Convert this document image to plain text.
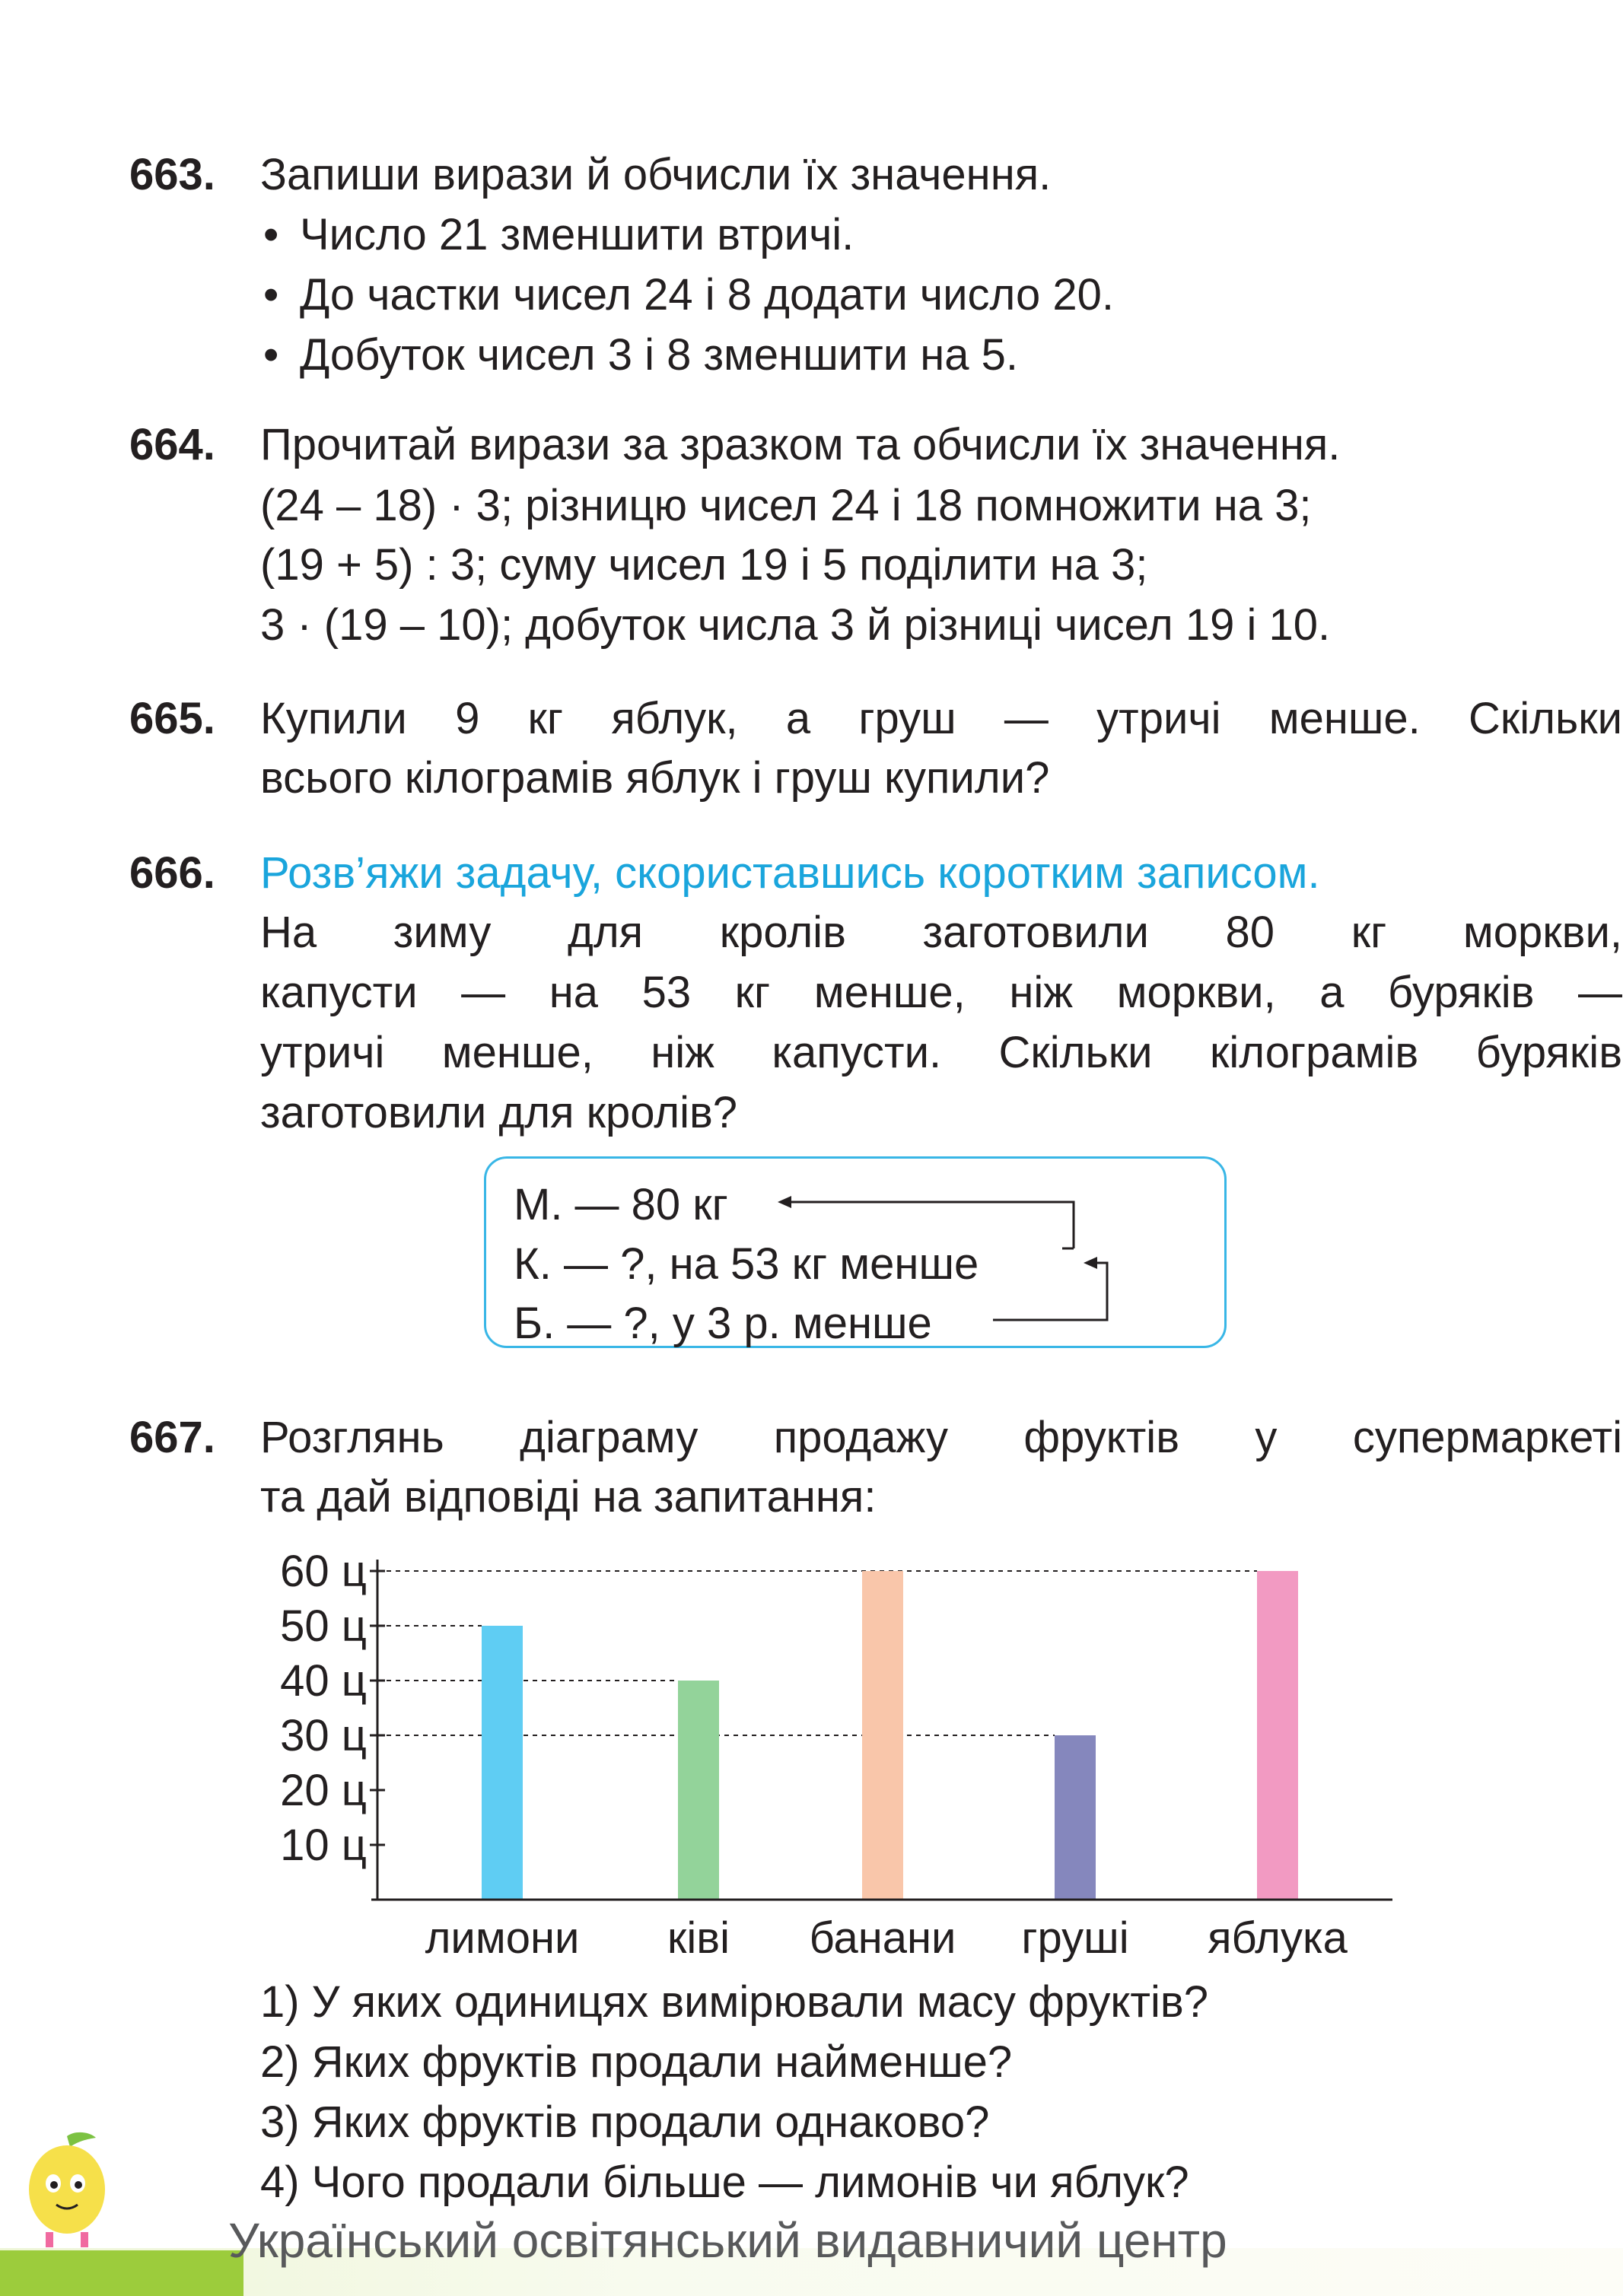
663. Запиши вирази й обчисли їх значення.
• Число 21 зменшити втричі.
• До частки чисел 24 і 8 додати число 20.
• Добуток чисел 3 і 8 зменшити на 5.
664. Прочитай вирази за зразком та обчисли їх значення.
(24 – 18) · 3; різницю чисел 24 і 18 помножити на 3;
(19 + 5) : 3; суму чисел 19 і 5 поділити на 3;
3 · (19 – 10); добуток числа 3 й різниці чисел 19 і 10.
665. Купили 9 кг яблук, а груш — утричі менше. Скільки
всього кілограмів яблук і груш купили?
666. Розв’яжи задачу, скориставшись коротким записом.
На зиму для кролів заготовили 80 кг моркви,
капусти — на 53 кг менше, ніж моркви, а буряків —
утричі менше, ніж капусти. Скільки кілограмів буряків
заготовили для кролів?
М. — 80 кг
К. — ?, на 53 кг менше
Б. — ?, у 3 р. менше
667. Розглянь діаграму продажу фруктів у супермаркеті
та дай відповіді на запитання:
10 ц
20 ц
30 ц
40 ц
50 ц
60 ц
лимони ківі банани груші яблука
1) У яких одиницях вимірювали масу фруктів?
2) Яких фруктів продали найменше?
3) Яких фруктів продали однаково?
4) Чого продали більше — лимонів чи яблук?
Український освітянський видавничий центр
